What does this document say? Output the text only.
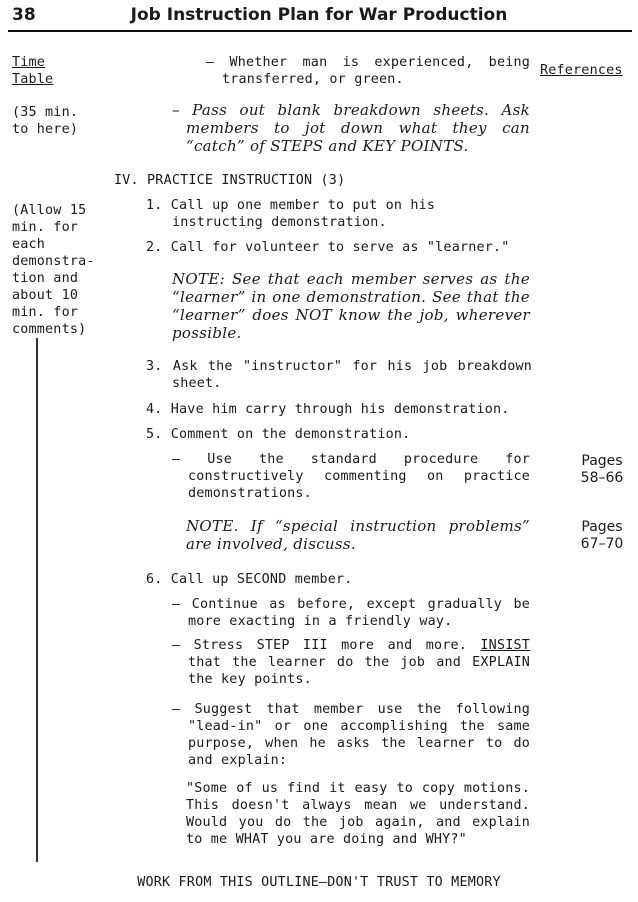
38	Job Instruction Plan for War Production
Time Table
(35 min. to here)
(Allow 15 min. for each demonstra- tion and about 10 min. for comments)
References
– Whether man is experienced, being transferred, or green.
– Pass out blank breakdown sheets. Ask members to jot down what they can “catch” of STEPS and KEY POINTS.
IV. PRACTICE INSTRUCTION (3)
1. Call up one member to put on his instructing demonstration.
2. Call for volunteer to serve as "learner."
NOTE: See that each member serves as the “learner” in one demonstration. See that the “learner” does NOT know the job, wherever possible.
3. Ask the "instructor" for his job breakdown sheet.
4. Have him carry through his demonstration.
5. Comment on the demonstration.
– Use the standard procedure for constructively commenting on practice demonstrations.
NOTE. If “special instruction problems” are involved, discuss.
6. Call up SECOND member.
– Continue as before, except gradually be more exacting in a friendly way.
– Stress STEP III more and more. INSIST that the learner do the job and EXPLAIN the key points.
– Suggest that member use the following "lead-in" or one accomplishing the same purpose, when he asks the learner to do and explain:
"Some of us find it easy to copy motions. This doesn't always mean we understand. Would you do the job again, and explain to me WHAT you are doing and WHY?"
Pages 58–66
Pages 67–70
WORK FROM THIS OUTLINE—DON'T TRUST TO MEMORY
